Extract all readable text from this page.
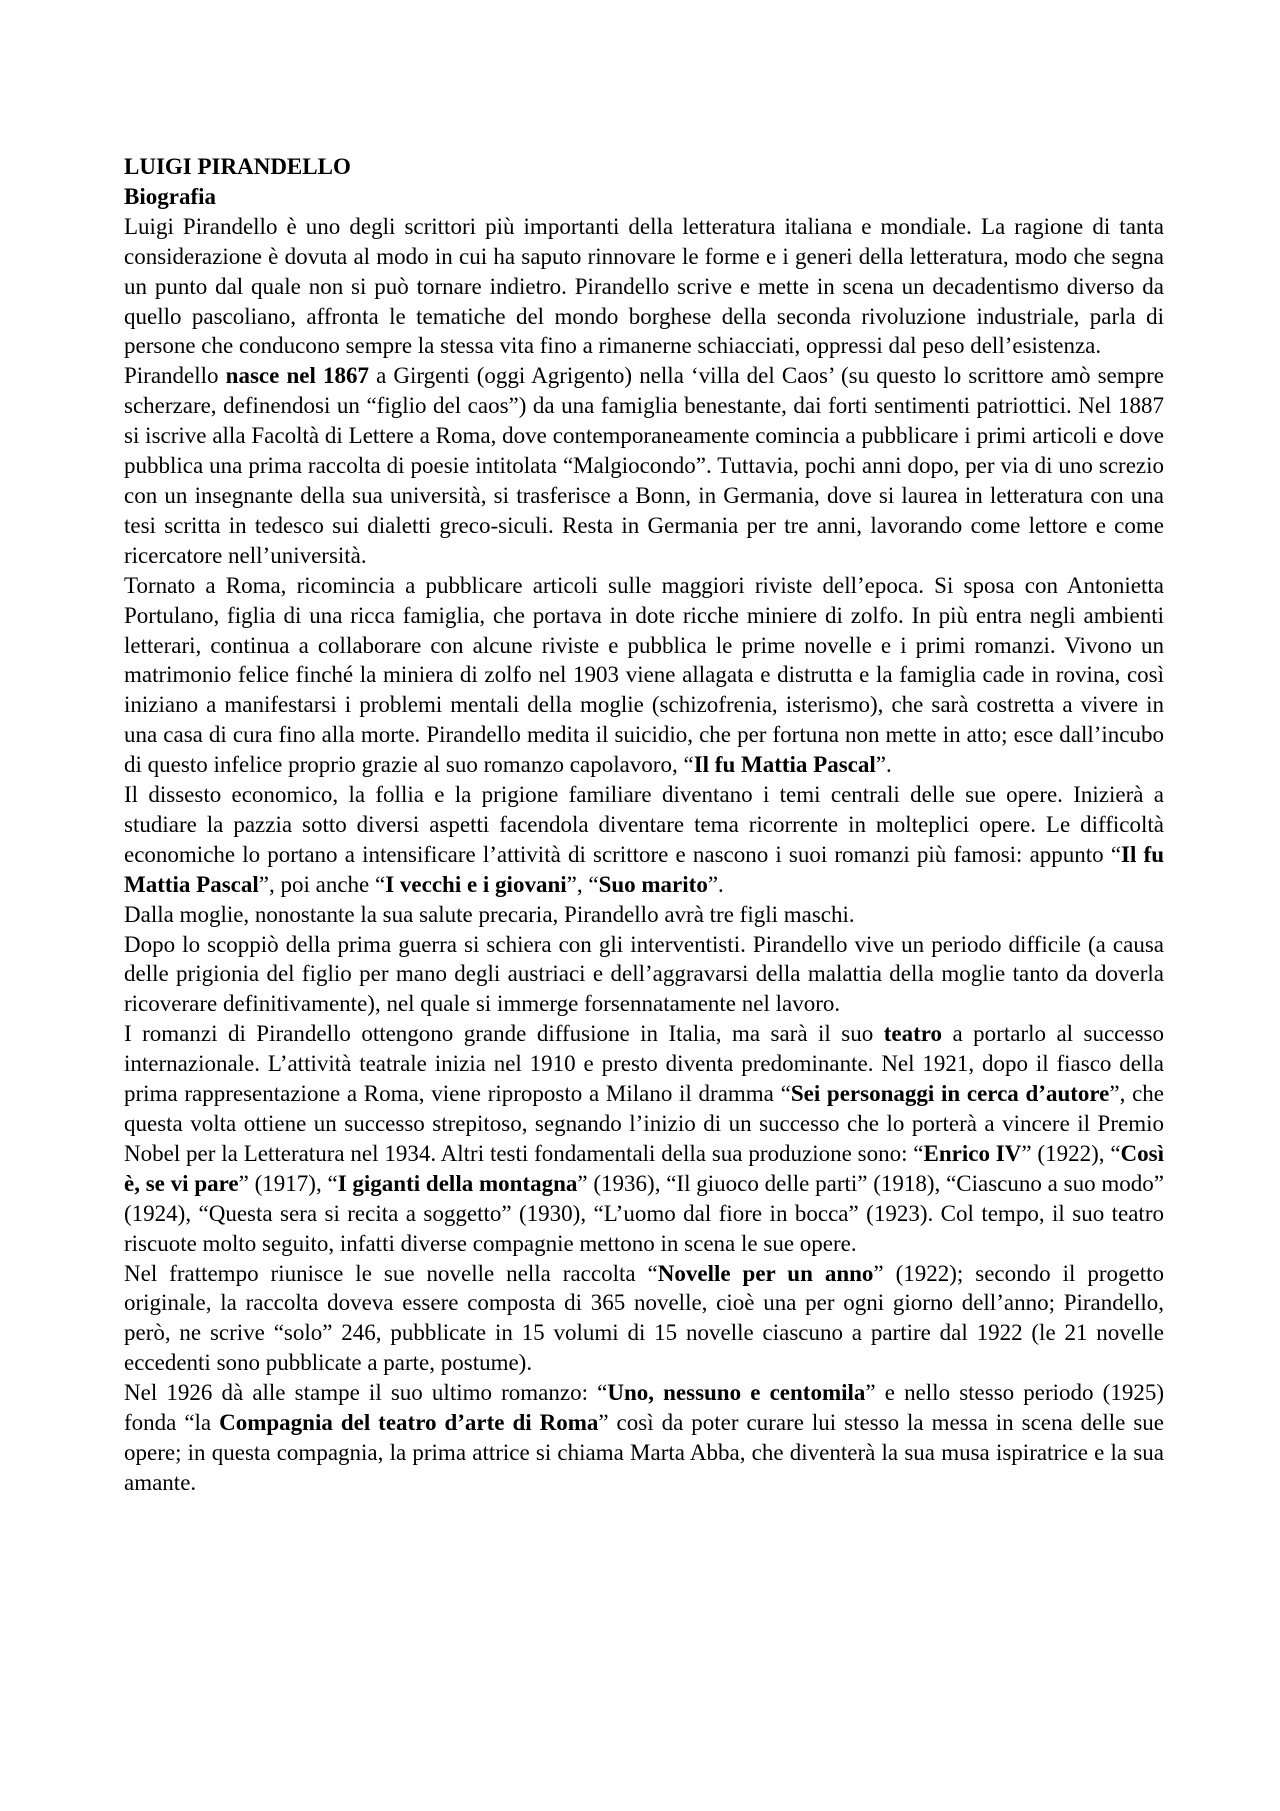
LUIGI PIRANDELLO
Biografia

Luigi Pirandello è uno degli scrittori più importanti della letteratura italiana e mondiale. La ragione di tanta considerazione è dovuta al modo in cui ha saputo rinnovare le forme e i generi della letteratura, modo che segna un punto dal quale non si può tornare indietro. Pirandello scrive e mette in scena un decadentismo diverso da quello pascoliano, affronta le tematiche del mondo borghese della seconda rivoluzione industriale, parla di persone che conducono sempre la stessa vita fino a rimanerne schiacciati, oppressi dal peso dell’esistenza.

Pirandello nasce nel 1867 a Girgenti (oggi Agrigento) nella ‘villa del Caos’ (su questo lo scrittore amò sempre scherzare, definendosi un “figlio del caos”) da una famiglia benestante, dai forti sentimenti patriottici. Nel 1887 si iscrive alla Facoltà di Lettere a Roma, dove contemporaneamente comincia a pubblicare i primi articoli e dove pubblica una prima raccolta di poesie intitolata “Malgiocondo”. Tuttavia, pochi anni dopo, per via di uno screzio con un insegnante della sua università, si trasferisce a Bonn, in Germania, dove si laurea in letteratura con una tesi scritta in tedesco sui dialetti greco-siculi. Resta in Germania per tre anni, lavorando come lettore e come ricercatore nell’università.

Tornato a Roma, ricomincia a pubblicare articoli sulle maggiori riviste dell’epoca. Si sposa con Antonietta Portulano, figlia di una ricca famiglia, che portava in dote ricche miniere di zolfo. In più entra negli ambienti letterari, continua a collaborare con alcune riviste e pubblica le prime novelle e i primi romanzi. Vivono un matrimonio felice finché la miniera di zolfo nel 1903 viene allagata e distrutta e la famiglia cade in rovina, così iniziano a manifestarsi i problemi mentali della moglie (schizofrenia, isterismo), che sarà costretta a vivere in una casa di cura fino alla morte. Pirandello medita il suicidio, che per fortuna non mette in atto; esce dall’incubo di questo infelice proprio grazie al suo romanzo capolavoro, “Il fu Mattia Pascal”.

Il dissesto economico, la follia e la prigione familiare diventano i temi centrali delle sue opere. Inizierà a studiare la pazzia sotto diversi aspetti facendola diventare tema ricorrente in molteplici opere. Le difficoltà economiche lo portano a intensificare l’attività di scrittore e nascono i suoi romanzi più famosi: appunto “Il fu Mattia Pascal”, poi anche “I vecchi e i giovani”, “Suo marito”.

Dalla moglie, nonostante la sua salute precaria, Pirandello avrà tre figli maschi.

Dopo lo scoppiò della prima guerra si schiera con gli interventisti. Pirandello vive un periodo difficile (a causa delle prigionia del figlio per mano degli austriaci e dell’aggravarsi della malattia della moglie tanto da doverla ricoverare definitivamente), nel quale si immerge forsennatamente nel lavoro.

I romanzi di Pirandello ottengono grande diffusione in Italia, ma sarà il suo teatro a portarlo al successo internazionale. L’attività teatrale inizia nel 1910 e presto diventa predominante. Nel 1921, dopo il fiasco della prima rappresentazione a Roma, viene riproposto a Milano il dramma “Sei personaggi in cerca d’autore”, che questa volta ottiene un successo strepitoso, segnando l’inizio di un successo che lo porterà a vincere il Premio Nobel per la Letteratura nel 1934. Altri testi fondamentali della sua produzione sono: “Enrico IV” (1922), “Così è, se vi pare” (1917), “I giganti della montagna” (1936), “Il giuoco delle parti” (1918), “Ciascuno a suo modo” (1924), “Questa sera si recita a soggetto” (1930), “L’uomo dal fiore in bocca” (1923). Col tempo, il suo teatro riscuote molto seguito, infatti diverse compagnie mettono in scena le sue opere.

Nel frattempo riunisce le sue novelle nella raccolta “Novelle per un anno” (1922); secondo il progetto originale, la raccolta doveva essere composta di 365 novelle, cioè una per ogni giorno dell’anno; Pirandello, però, ne scrive “solo” 246, pubblicate in 15 volumi di 15 novelle ciascuno a partire dal 1922 (le 21 novelle eccedenti sono pubblicate a parte, postume).

Nel 1926 dà alle stampe il suo ultimo romanzo: “Uno, nessuno e centomila” e nello stesso periodo (1925) fonda “la Compagnia del teatro d’arte di Roma” così da poter curare lui stesso la messa in scena delle sue opere; in questa compagnia, la prima attrice si chiama Marta Abba, che diventerà la sua musa ispiratrice e la sua amante.
